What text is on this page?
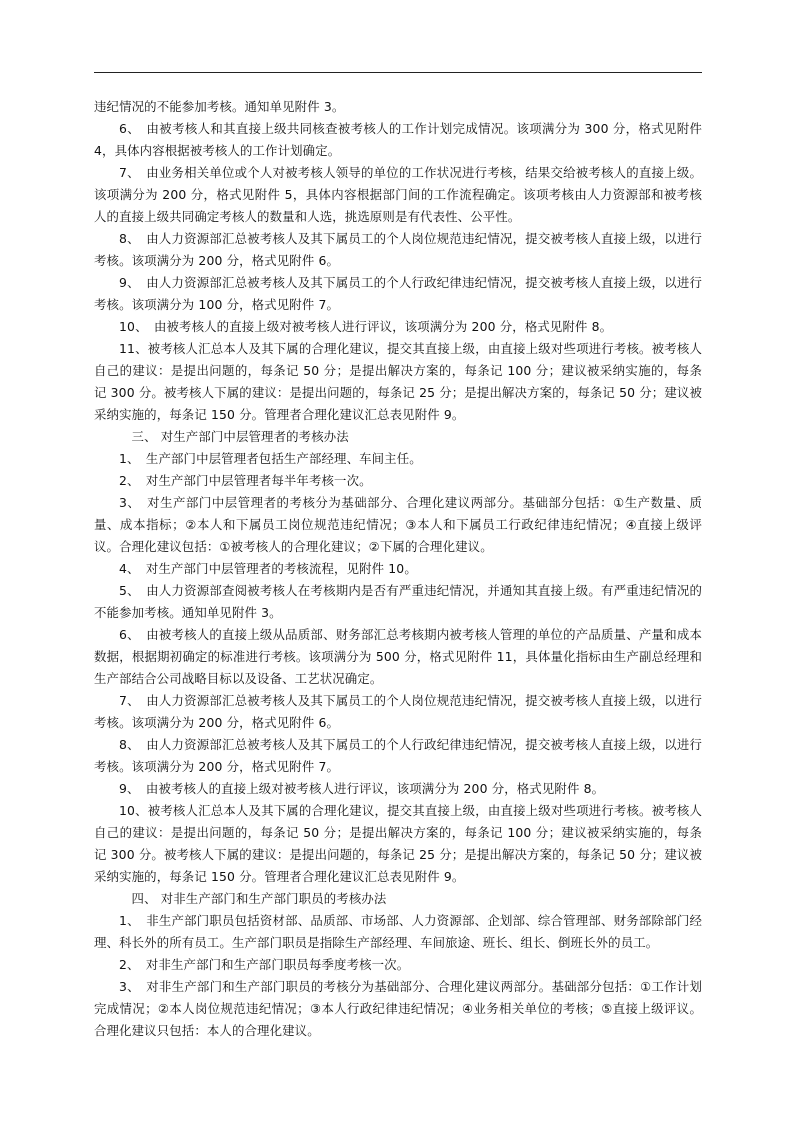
违纪情况的不能参加考核。通知单见附件 3。

6、　由被考核人和其直接上级共同核查被考核人的工作计划完成情况。该项满分为 300 分，格式见附件 4，具体内容根据被考核人的工作计划确定。

7、　由业务相关单位或个人对被考核人领导的单位的工作状况进行考核，结果交给被考核人的直接上级。该项满分为 200 分，格式见附件 5，具体内容根据部门间的工作流程确定。该项考核由人力资源部和被考核人的直接上级共同确定考核人的数量和人选，挑选原则是有代表性、公平性。

8、　由人力资源部汇总被考核人及其下属员工的个人岗位规范违纪情况，提交被考核人直接上级，以进行考核。该项满分为 200 分，格式见附件 6。

9、　由人力资源部汇总被考核人及其下属员工的个人行政纪律违纪情况，提交被考核人直接上级，以进行考核。该项满分为 100 分，格式见附件 7。

10、　由被考核人的直接上级对被考核人进行评议，该项满分为 200 分，格式见附件 8。

11、被考核人汇总本人及其下属的合理化建议，提交其直接上级，由直接上级对些项进行考核。被考核人自己的建议：是提出问题的，每条记 50 分；是提出解决方案的，每条记 100 分；建议被采纳实施的，每条记 300 分。被考核人下属的建议：是提出问题的，每条记 25 分；是提出解决方案的，每条记 50 分；建议被采纳实施的，每条记 150 分。管理者合理化建议汇总表见附件 9。

　三、 对生产部门中层管理者的考核办法

1、　生产部门中层管理者包括生产部经理、车间主任。

2、　对生产部门中层管理者每半年考核一次。

3、　对生产部门中层管理者的考核分为基础部分、合理化建议两部分。基础部分包括：①生产数量、质量、成本指标；②本人和下属员工岗位规范违纪情况；③本人和下属员工行政纪律违纪情况；④直接上级评议。合理化建议包括：①被考核人的合理化建议；②下属的合理化建议。

4、　对生产部门中层管理者的考核流程，见附件 10。

5、　由人力资源部查阅被考核人在考核期内是否有严重违纪情况，并通知其直接上级。有严重违纪情况的不能参加考核。通知单见附件 3。

6、　由被考核人的直接上级从品质部、财务部汇总考核期内被考核人管理的单位的产品质量、产量和成本数据，根据期初确定的标准进行考核。该项满分为 500 分，格式见附件 11，具体量化指标由生产副总经理和生产部结合公司战略目标以及设备、工艺状况确定。

7、　由人力资源部汇总被考核人及其下属员工的个人岗位规范违纪情况，提交被考核人直接上级，以进行考核。该项满分为 200 分，格式见附件 6。

8、　由人力资源部汇总被考核人及其下属员工的个人行政纪律违纪情况，提交被考核人直接上级，以进行考核。该项满分为 200 分，格式见附件 7。

9、　由被考核人的直接上级对被考核人进行评议，该项满分为 200 分，格式见附件 8。

10、被考核人汇总本人及其下属的合理化建议，提交其直接上级，由直接上级对些项进行考核。被考核人自己的建议：是提出问题的，每条记 50 分；是提出解决方案的，每条记 100 分；建议被采纳实施的，每条记 300 分。被考核人下属的建议：是提出问题的，每条记 25 分；是提出解决方案的，每条记 50 分；建议被采纳实施的，每条记 150 分。管理者合理化建议汇总表见附件 9。

　四、 对非生产部门和生产部门职员的考核办法

1、　非生产部门职员包括资材部、品质部、市场部、人力资源部、企划部、综合管理部、财务部除部门经理、科长外的所有员工。生产部门职员是指除生产部经理、车间旅途、班长、组长、倒班长外的员工。

2、　对非生产部门和生产部门职员每季度考核一次。

3、　对非生产部门和生产部门职员的考核分为基础部分、合理化建议两部分。基础部分包括：①工作计划完成情况；②本人岗位规范违纪情况；③本人行政纪律违纪情况；④业务相关单位的考核；⑤直接上级评议。合理化建议只包括：本人的合理化建议。
